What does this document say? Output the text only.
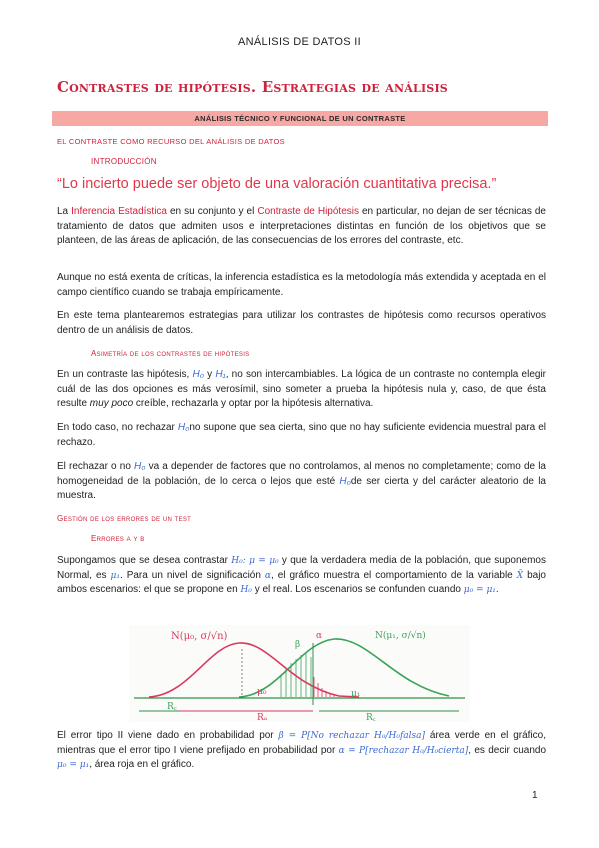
ANÁLISIS DE DATOS II
Contrastes de hipótesis. Estrategias de análisis
ANÁLISIS TÉCNICO Y FUNCIONAL DE UN CONTRASTE
EL CONTRASTE COMO RECURSO DEL ANÁLISIS DE DATOS
INTRODUCCIÓN
“Lo incierto puede ser objeto de una valoración cuantitativa precisa.”
La Inferencia Estadística en su conjunto y el Contraste de Hipótesis en particular, no dejan de ser técnicas de tratamiento de datos que admiten usos e interpretaciones distintas en función de los objetivos que se planteen, de las áreas de aplicación, de las consecuencias de los errores del contraste, etc.
Aunque no está exenta de críticas, la inferencia estadística es la metodología más extendida y aceptada en el campo científico cuando se trabaja empíricamente.
En este tema plantearemos estrategias para utilizar los contrastes de hipótesis como recursos operativos dentro de un análisis de datos.
Asimetría de los contrastes de hipótesis
En un contraste las hipótesis, H₀ y H₁, no son intercambiables. La lógica de un contraste no contempla elegir cuál de las dos opciones es más verosímil, sino someter a prueba la hipótesis nula y, caso, de que ésta resulte muy poco creíble, rechazarla y optar por la hipótesis alternativa.
En todo caso, no rechazar H₀no supone que sea cierta, sino que no hay suficiente evidencia muestral para el rechazo.
El rechazar o no H₀ va a depender de factores que no controlamos, al menos no completamente; como de la homogeneidad de la población, de lo cerca o lejos que esté H₀de ser cierta y del carácter aleatorio de la muestra.
Gestión de los errores de un test
Errores α y β
Supongamos que se desea contrastar H₀: μ = μ₀ y que la verdadera media de la población, que suponemos Normal, es μ₁. Para un nivel de significación α, el gráfico muestra el comportamiento de la variable X̄ bajo ambos escenarios: el que se propone en H₀ y el real. Los escenarios se confunden cuando μ₀ = μ₁.
N(μ₀, σ/√n)	N(μ₁, σ/√n)
β
α
μ₀	μ₁
R꜀
Rₐ	R꜀
El error tipo II viene dado en probabilidad por β = P[No rechazar H₀/H₀falsa] área verde en el gráfico, mientras que el error tipo I viene prefijado en probabilidad por α = P[rechazar H₀/H₀cierta], es decir cuando μ₀ = μ₁, área roja en el gráfico.
1
